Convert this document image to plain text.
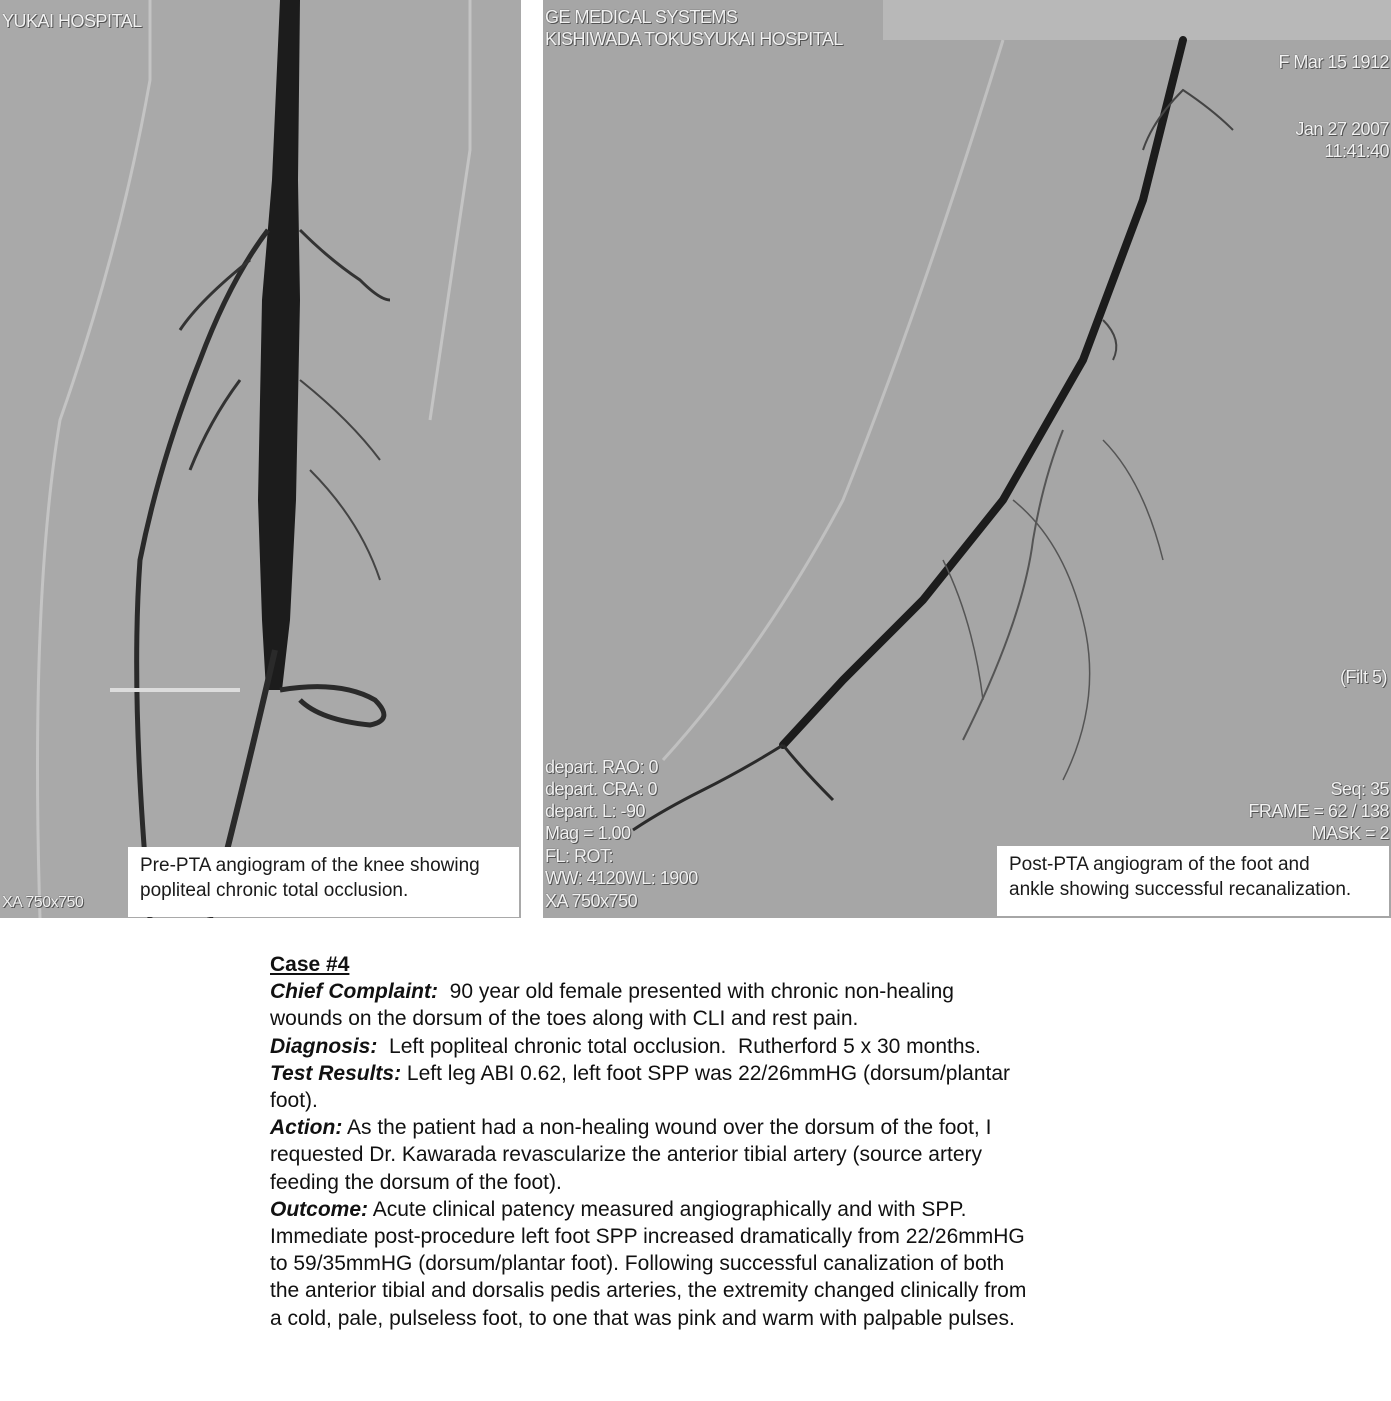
YUKAI HOSPITAL
XA 750x750
Pre-PTA angiogram of the knee showing
popliteal chronic total occlusion.
GE MEDICAL SYSTEMS
KISHIWADA TOKUSYUKAI HOSPITAL
F Mar 15 1912
Jan 27 2007
11:41:40
(Filt 5)
depart. RAO: 0
depart. CRA: 0
depart. L: -90
Mag = 1.00
FL: ROT:
WW: 4120WL: 1900
XA 750x750
Seq: 35
FRAME = 62 / 138
MASK = 2
Post-PTA angiogram of the foot and
ankle showing successful recanalization.
Case #4
Chief Complaint:  90 year old female presented with chronic non-healing
wounds on the dorsum of the toes along with CLI and rest pain.
Diagnosis:  Left popliteal chronic total occlusion.  Rutherford 5 x 30 months.
Test Results: Left leg ABI 0.62, left foot SPP was 22/26mmHG (dorsum/plantar
foot).
Action: As the patient had a non-healing wound over the dorsum of the foot, I
requested Dr. Kawarada revascularize the anterior tibial artery (source artery
feeding the dorsum of the foot).
Outcome: Acute clinical patency measured angiographically and with SPP.
Immediate post-procedure left foot SPP increased dramatically from 22/26mmHG
to 59/35mmHG (dorsum/plantar foot). Following successful canalization of both
the anterior tibial and dorsalis pedis arteries, the extremity changed clinically from
a cold, pale, pulseless foot, to one that was pink and warm with palpable pulses.
